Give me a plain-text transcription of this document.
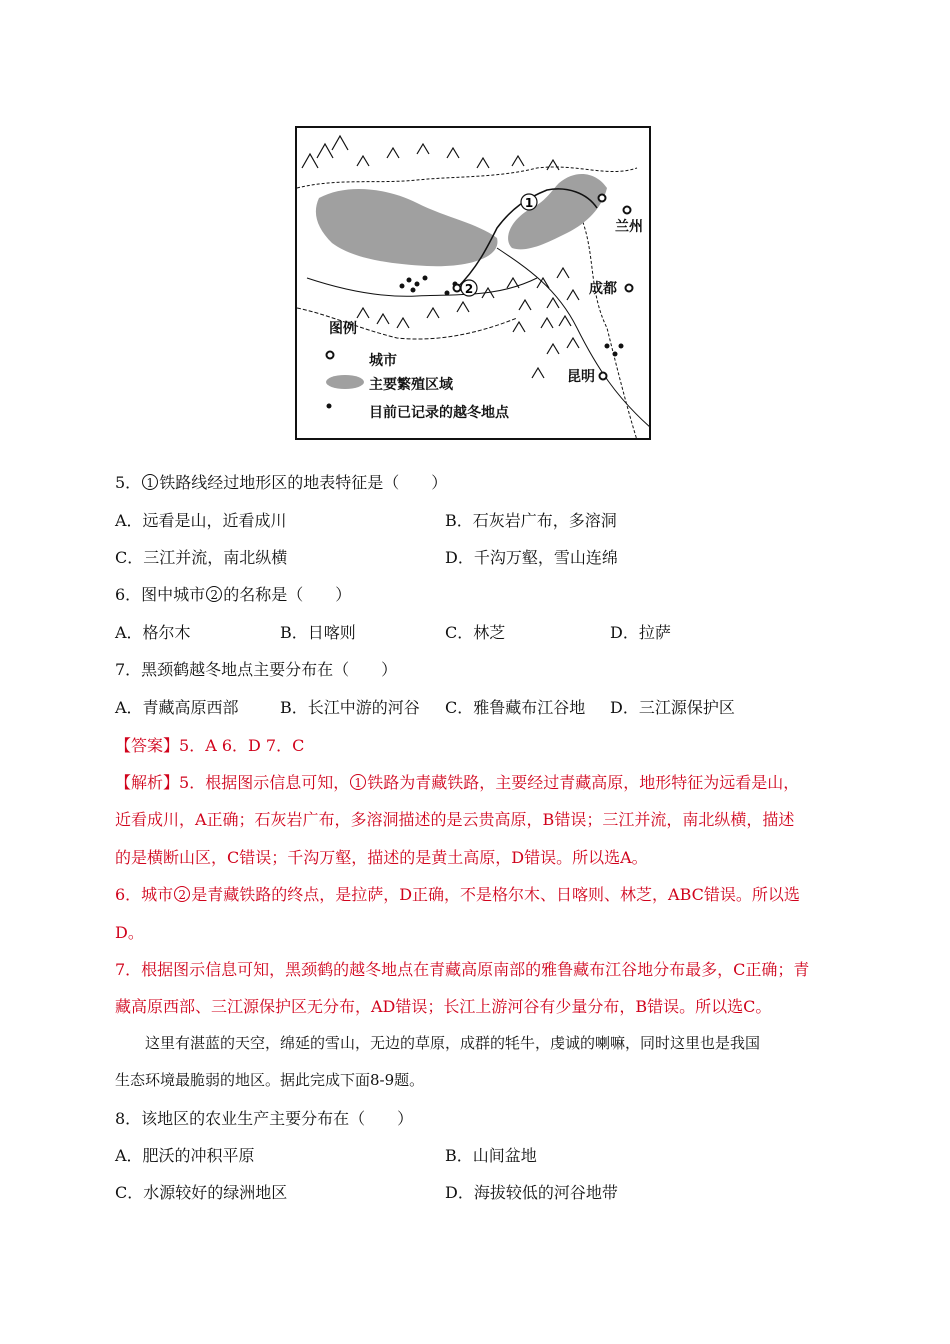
1
2
兰州
成都
昆明
图例
城市
主要繁殖区域
目前已记录的越冬地点
5． 1 铁路线经过地形区的地表特征是（　　）
A．远看是山，近看成川	B．石灰岩广布，多溶洞
C．三江并流，南北纵横	D．千沟万壑，雪山连绵
6．图中城市 2 的名称是（　　）
A．格尔木	B．日喀则	C．林芝	D．拉萨
7．黑颈鹤越冬地点主要分布在（　　）
A．青藏高原西部	B．长江中游的河谷 C．雅鲁藏布江谷地 D．三江源保护区
【答案】5．A 6．D 7．C
【解析】5．根据图示信息可知， 1 铁路为青藏铁路，主要经过青藏高原，地形特征为远看是山，
近看成川，A正确；石灰岩广布，多溶洞描述的是云贵高原，B错误；三江并流，南北纵横，描述
的是横断山区，C错误；千沟万壑，描述的是黄土高原，D错误。所以选A。
6．城市 2 是青藏铁路的终点，是拉萨，D正确，不是格尔木、日喀则、林芝，ABC错误。所以选
D。
7．根据图示信息可知，黑颈鹤的越冬地点在青藏高原南部的雅鲁藏布江谷地分布最多，C正确；青
藏高原西部、三江源保护区无分布，AD错误；长江上游河谷有少量分布，B错误。所以选C。
这里有湛蓝的天空，绵延的雪山，无边的草原，成群的牦牛，虔诚的喇嘛，同时这里也是我国
生态环境最脆弱的地区。据此完成下面8-9题。
8．该地区的农业生产主要分布在（　　）
A．肥沃的冲积平原	B．山间盆地
C．水源较好的绿洲地区	D．海拔较低的河谷地带
